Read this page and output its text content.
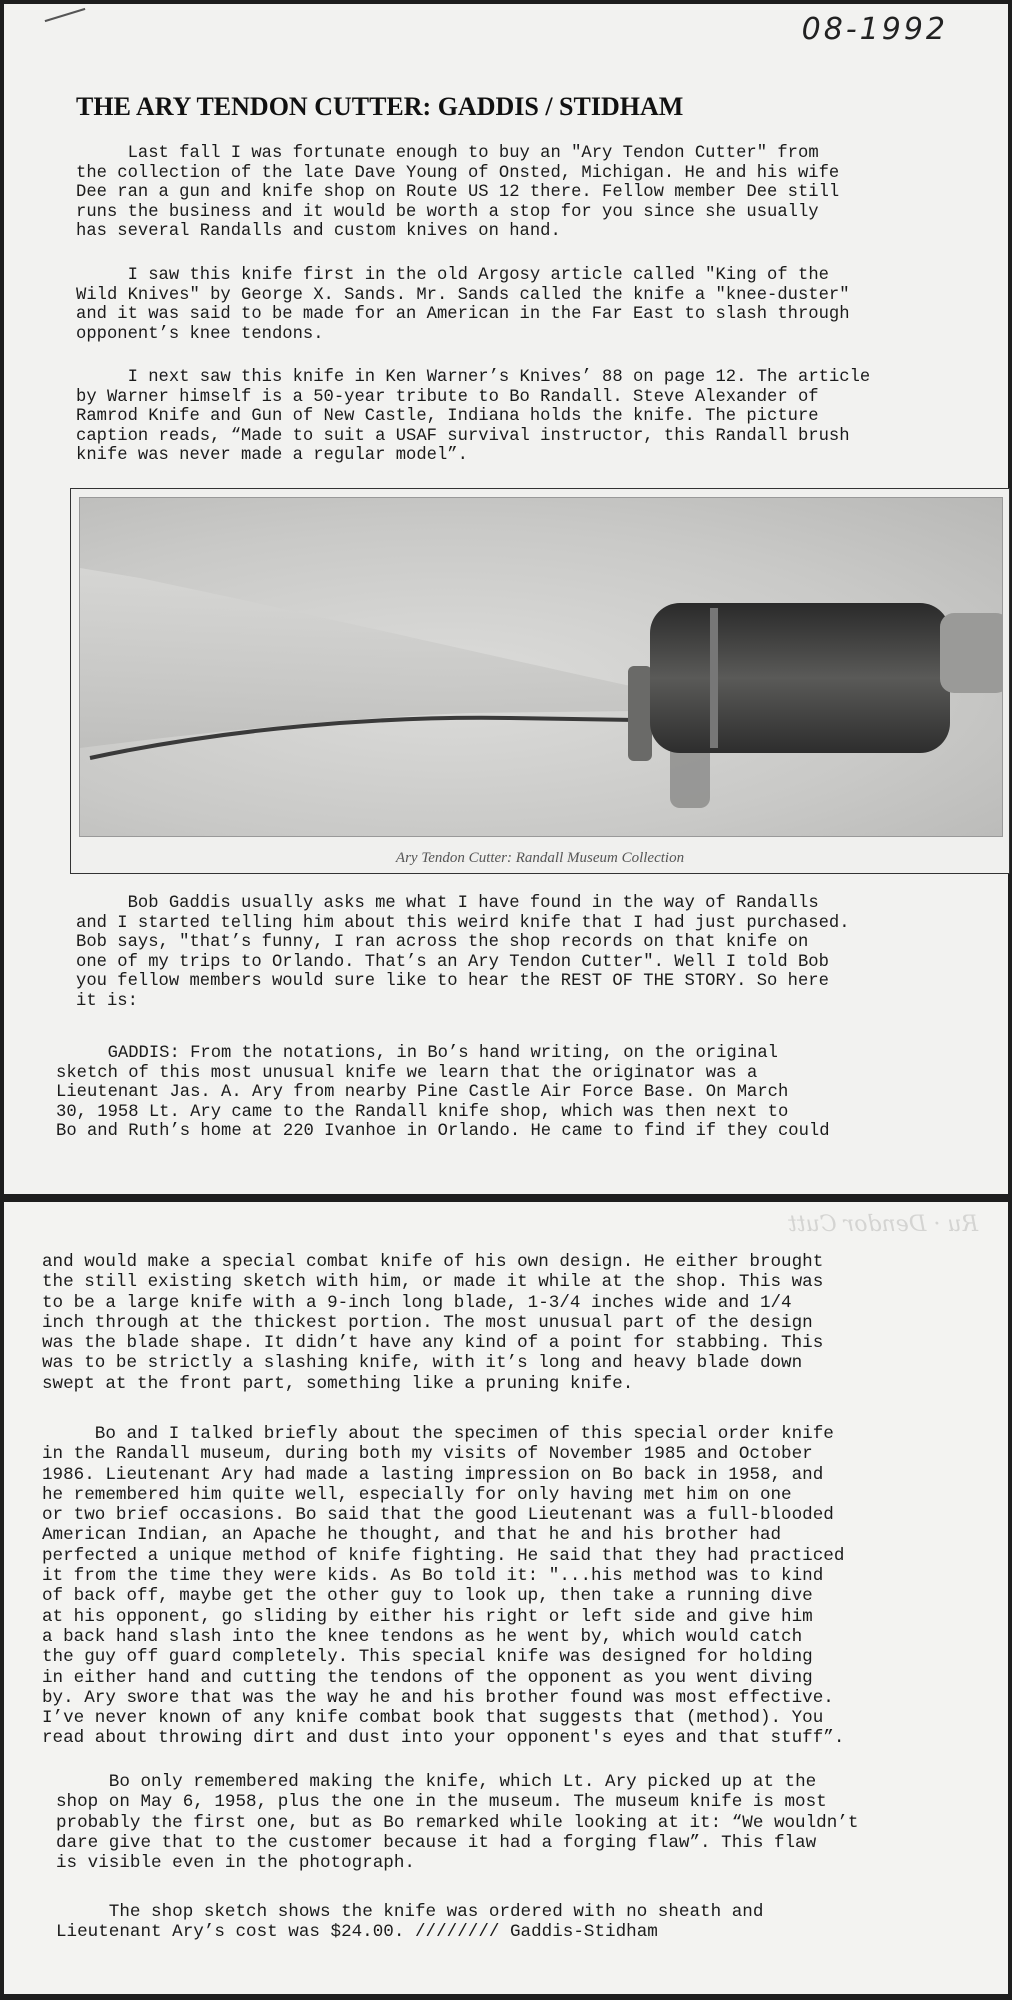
08-1992
THE ARY TENDON CUTTER: GADDIS / STIDHAM

Last fall I was fortunate enough to buy an "Ary Tendon Cutter" from
the collection of the late Dave Young of Onsted, Michigan. He and his wife
Dee ran a gun and knife shop on Route US 12 there. Fellow member Dee still
runs the business and it would be worth a stop for you since she usually
has several Randalls and custom knives on hand.

I saw this knife first in the old Argosy article called "King of the
Wild Knives" by George X. Sands. Mr. Sands called the knife a "knee-duster"
and it was said to be made for an American in the Far East to slash through
opponent’s knee tendons.

I next saw this knife in Ken Warner’s Knives’ 88 on page 12. The article
by Warner himself is a 50-year tribute to Bo Randall. Steve Alexander of
Ramrod Knife and Gun of New Castle, Indiana holds the knife. The picture
caption reads, “Made to suit a USAF survival instructor, this Randall brush
knife was never made a regular model”.

Ary Tendon Cutter: Randall Museum Collection

Bob Gaddis usually asks me what I have found in the way of Randalls
and I started telling him about this weird knife that I had just purchased.
Bob says, "that’s funny, I ran across the shop records on that knife on
one of my trips to Orlando. That’s an Ary Tendon Cutter". Well I told Bob
you fellow members would sure like to hear the REST OF THE STORY. So here
it is:

GADDIS: From the notations, in Bo’s hand writing, on the original
sketch of this most unusual knife we learn that the originator was a
Lieutenant Jas. A. Ary from nearby Pine Castle Air Force Base. On March
30, 1958 Lt. Ary came to the Randall knife shop, which was then next to
Bo and Ruth’s home at 220 Ivanhoe in Orlando. He came to find if they could

Ru · Dendor Cutt

and would make a special combat knife of his own design. He either brought
the still existing sketch with him, or made it while at the shop. This was
to be a large knife with a 9-inch long blade, 1-3/4 inches wide and 1/4
inch through at the thickest portion. The most unusual part of the design
was the blade shape. It didn’t have any kind of a point for stabbing. This
was to be strictly a slashing knife, with it’s long and heavy blade down
swept at the front part, something like a pruning knife.

Bo and I talked briefly about the specimen of this special order knife
in the Randall museum, during both my visits of November 1985 and October
1986. Lieutenant Ary had made a lasting impression on Bo back in 1958, and
he remembered him quite well, especially for only having met him on one
or two brief occasions. Bo said that the good Lieutenant was a full-blooded
American Indian, an Apache he thought, and that he and his brother had
perfected a unique method of knife fighting. He said that they had practiced
it from the time they were kids. As Bo told it: "...his method was to kind
of back off, maybe get the other guy to look up, then take a running dive
at his opponent, go sliding by either his right or left side and give him
a back hand slash into the knee tendons as he went by, which would catch
the guy off guard completely. This special knife was designed for holding
in either hand and cutting the tendons of the opponent as you went diving
by. Ary swore that was the way he and his brother found was most effective.
I’ve never known of any knife combat book that suggests that (method). You
read about throwing dirt and dust into your opponent's eyes and that stuff”.

Bo only remembered making the knife, which Lt. Ary picked up at the
shop on May 6, 1958, plus the one in the museum. The museum knife is most
probably the first one, but as Bo remarked while looking at it: “We wouldn’t
dare give that to the customer because it had a forging flaw”. This flaw
is visible even in the photograph.

The shop sketch shows the knife was ordered with no sheath and
Lieutenant Ary’s cost was $24.00. //////// Gaddis-Stidham
